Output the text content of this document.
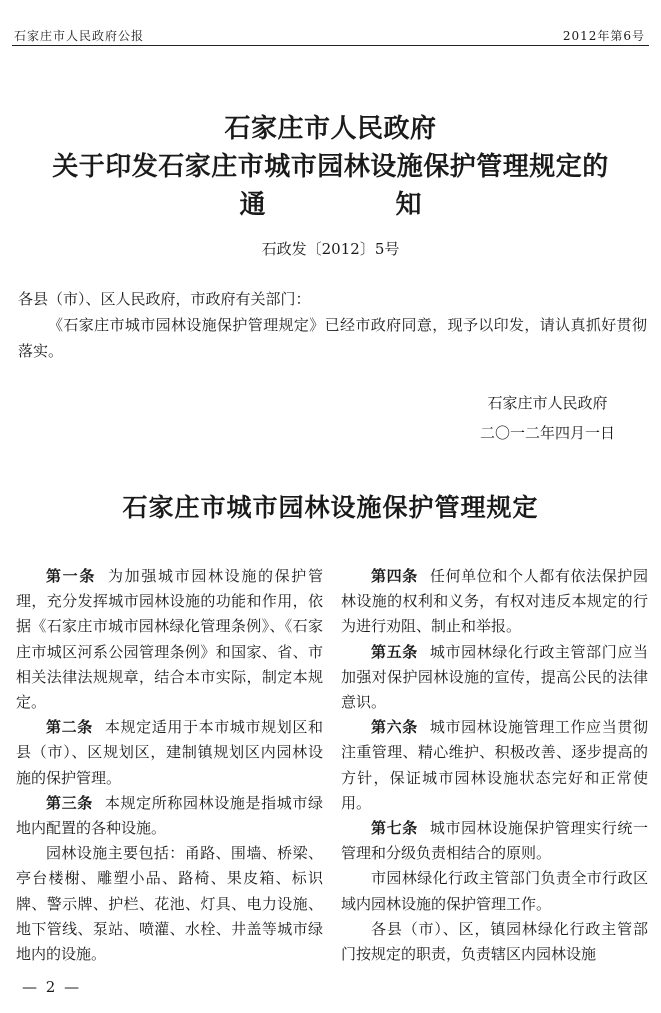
石家庄市人民政府公报	2012年第6号
石家庄市人民政府
关于印发石家庄市城市园林设施保护管理规定的
通知
石政发〔2012〕5号

各县（市）、区人民政府，市政府有关部门：

《石家庄市城市园林设施保护管理规定》已经市政府同意，现予以印发，请认真抓好贯彻落实。

石家庄市人民政府
二〇一二年四月一日
石家庄市城市园林设施保护管理规定

第一条 为加强城市园林设施的保护管理，充分发挥城市园林设施的功能和作用，依据《石家庄市城市园林绿化管理条例》、《石家庄市城区河系公园管理条例》和国家、省、市相关法律法规规章，结合本市实际，制定本规定。

第二条 本规定适用于本市城市规划区和县（市）、区规划区，建制镇规划区内园林设施的保护管理。

第三条 本规定所称园林设施是指城市绿地内配置的各种设施。

园林设施主要包括：甬路、围墙、桥梁、亭台楼榭、雕塑小品、路椅、果皮箱、标识牌、警示牌、护栏、花池、灯具、电力设施、地下管线、泵站、喷灌、水栓、井盖等城市绿地内的设施。

第四条 任何单位和个人都有依法保护园林设施的权利和义务，有权对违反本规定的行为进行劝阻、制止和举报。

第五条 城市园林绿化行政主管部门应当加强对保护园林设施的宣传，提高公民的法律意识。

第六条 城市园林设施管理工作应当贯彻注重管理、精心维护、积极改善、逐步提高的方针，保证城市园林设施状态完好和正常使用。

第七条 城市园林设施保护管理实行统一管理和分级负责相结合的原则。

市园林绿化行政主管部门负责全市行政区域内园林设施的保护管理工作。

各县（市）、区，镇园林绿化行政主管部门按规定的职责，负责辖区内园林设施

— 2 —
